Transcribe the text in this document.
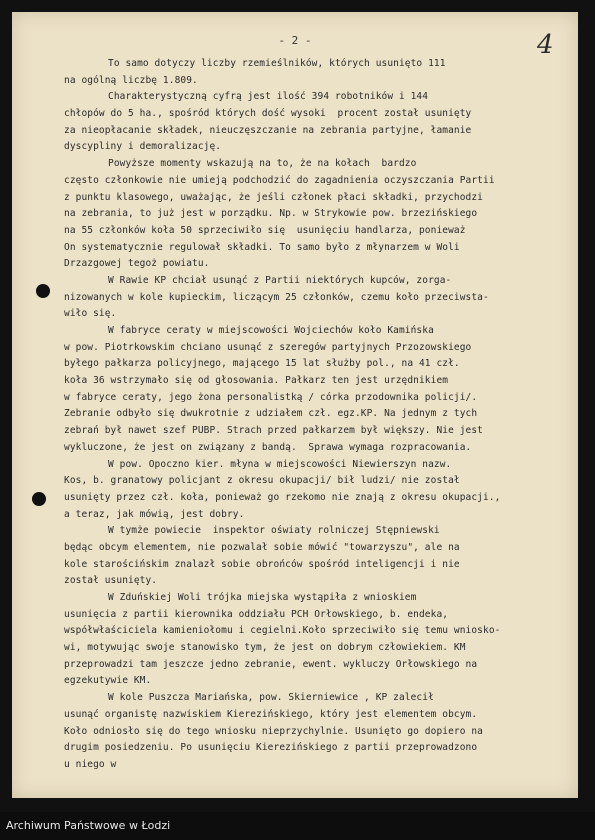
- 2 -	4
To samo dotyczy liczby rzemieślników, których usunięto 111
na ogólną liczbę 1.809.
Charakterystyczną cyfrą jest ilość 394 robotników i 144
chłopów do 5 ha., spośród których dość wysoki  procent został usunięty
za nieopłacanie składek, nieuczęszczanie na zebrania partyjne, łamanie
dyscypliny i demoralizację.
Powyższe momenty wskazują na to, że na kołach  bardzo
często członkowie nie umieją podchodzić do zagadnienia oczyszczania Partii
z punktu klasowego, uważając, że jeśli członek płaci składki, przychodzi
na zebrania, to już jest w porządku. Np. w Strykowie pow. brzezińskiego
na 55 członków koła 50 sprzeciwiło się  usunięciu handlarza, ponieważ
On systematycznie regulował składki. To samo było z młynarzem w Woli
Drzazgowej tegoż powiatu.
W Rawie KP chciał usunąć z Partii niektórych kupców, zorga-
nizowanych w kole kupieckim, liczącym 25 członków, czemu koło przeciwsta-
wiło się.
W fabryce ceraty w miejscowości Wojciechów koło Kamińska
w pow. Piotrkowskim chciano usunąć z szeregów partyjnych Przozowskiego
byłego pałkarza policyjnego, mającego 15 lat służby pol., na 41 czł.
koła 36 wstrzymało się od głosowania. Pałkarz ten jest urzędnikiem
w fabryce ceraty, jego żona personalistką / córka przodownika policji/.
Zebranie odbyło się dwukrotnie z udziałem czł. egz.KP. Na jednym z tych
zebrań był nawet szef PUBP. Strach przed pałkarzem był większy. Nie jest
wykluczone, że jest on związany z bandą.  Sprawa wymaga rozpracowania.
W pow. Opoczno kier. młyna w miejscowości Niewierszyn nazw.
Kos, b. granatowy policjant z okresu okupacji/ bił ludzi/ nie został
usunięty przez czł. koła, ponieważ go rzekomo nie znają z okresu okupacji.,
a teraz, jak mówią, jest dobry.
W tymże powiecie  inspektor oświaty rolniczej Stępniewski
będąc obcym elementem, nie pozwalał sobie mówić "towarzyszu", ale na
kole starościńskim znalazł sobie obrońców spośród inteligencji i nie
został usunięty.
W Zduńskiej Woli trójka miejska wystąpiła z wnioskiem
usunięcia z partii kierownika oddziału PCH Orłowskiego, b. endeka,
współwłaściciela kamieniołomu i cegielni.Koło sprzeciwiło się temu wniosko-
wi, motywując swoje stanowisko tym, że jest on dobrym człowiekiem. KM
przeprowadzi tam jeszcze jedno zebranie, ewent. wykluczy Orłowskiego na
egzekutywie KM.
W kole Puszcza Mariańska, pow. Skierniewice , KP zalecił
usunąć organistę nazwiskiem Kierezińskiego, który jest elementem obcym.
Koło odniosło się do tego wniosku nieprzychylnie. Usunięto go dopiero na
drugim posiedzeniu. Po usunięciu Kierezińskiego z partii przeprowadzono
u niego w
Archiwum Państwowe w Łodzi
